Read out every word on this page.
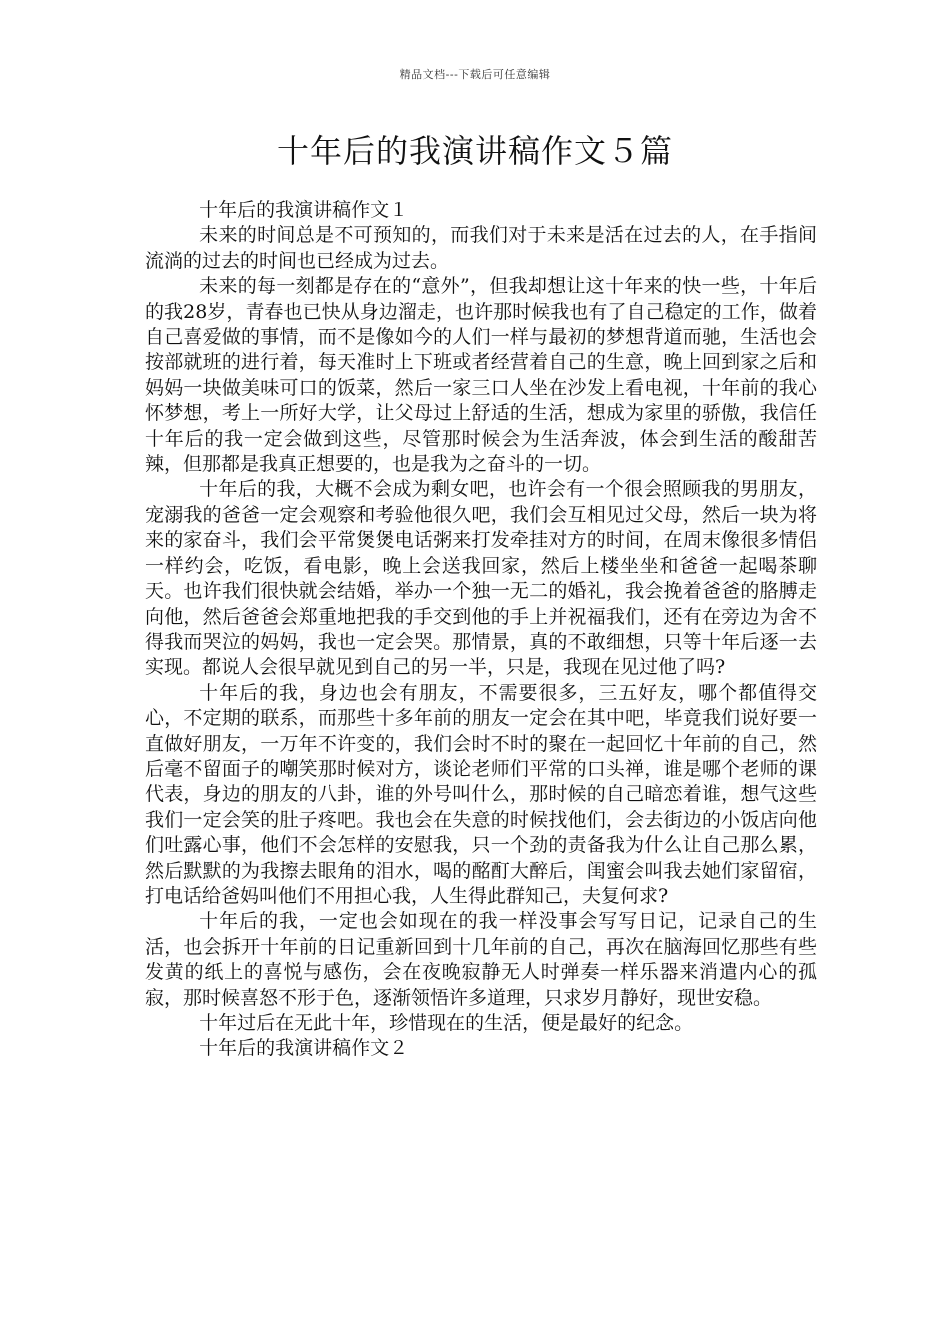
精品文档---下载后可任意编辑
十年后的我演讲稿作文５篇

十年后的我演讲稿作文１

未来的时间总是不可预知的，而我们对于未来是活在过去的人，在手指间流淌的过去的时间也已经成为过去。

未来的每一刻都是存在的“意外”，但我却想让这十年来的快一些，十年后的我28岁，青春也已快从身边溜走，也许那时候我也有了自己稳定的工作，做着自己喜爱做的事情，而不是像如今的人们一样与最初的梦想背道而驰，生活也会按部就班的进行着，每天准时上下班或者经营着自己的生意，晚上回到家之后和妈妈一块做美味可口的饭菜，然后一家三口人坐在沙发上看电视，十年前的我心怀梦想，考上一所好大学，让父母过上舒适的生活，想成为家里的骄傲，我信任十年后的我一定会做到这些，尽管那时候会为生活奔波，体会到生活的酸甜苦辣，但那都是我真正想要的，也是我为之奋斗的一切。

十年后的我，大概不会成为剩女吧，也许会有一个很会照顾我的男朋友，宠溺我的爸爸一定会观察和考验他很久吧，我们会互相见过父母，然后一块为将来的家奋斗，我们会平常煲煲电话粥来打发牵挂对方的时间，在周末像很多情侣一样约会，吃饭，看电影，晚上会送我回家，然后上楼坐坐和爸爸一起喝茶聊天。也许我们很快就会结婚，举办一个独一无二的婚礼，我会挽着爸爸的胳膊走向他，然后爸爸会郑重地把我的手交到他的手上并祝福我们，还有在旁边为舍不得我而哭泣的妈妈，我也一定会哭。那情景，真的不敢细想，只等十年后逐一去实现。都说人会很早就见到自己的另一半，只是，我现在见过他了吗?

十年后的我，身边也会有朋友，不需要很多，三五好友，哪个都值得交心，不定期的联系，而那些十多年前的朋友一定会在其中吧，毕竟我们说好要一直做好朋友，一万年不许变的，我们会时不时的聚在一起回忆十年前的自己，然后毫不留面子的嘲笑那时候对方，谈论老师们平常的口头禅，谁是哪个老师的课代表，身边的朋友的八卦，谁的外号叫什么，那时候的自己暗恋着谁，想气这些我们一定会笑的肚子疼吧。我也会在失意的时候找他们，会去街边的小饭店向他们吐露心事，他们不会怎样的安慰我，只一个劲的责备我为什么让自己那么累，然后默默的为我擦去眼角的泪水，喝的酩酊大醉后，闺蜜会叫我去她们家留宿，打电话给爸妈叫他们不用担心我，人生得此群知己，夫复何求?

十年后的我，一定也会如现在的我一样没事会写写日记，记录自己的生活，也会拆开十年前的日记重新回到十几年前的自己，再次在脑海回忆那些有些发黄的纸上的喜悦与感伤，会在夜晚寂静无人时弹奏一样乐器来消遣内心的孤寂，那时候喜怒不形于色，逐渐领悟许多道理，只求岁月静好，现世安稳。

十年过后在无此十年，珍惜现在的生活，便是最好的纪念。

十年后的我演讲稿作文２
